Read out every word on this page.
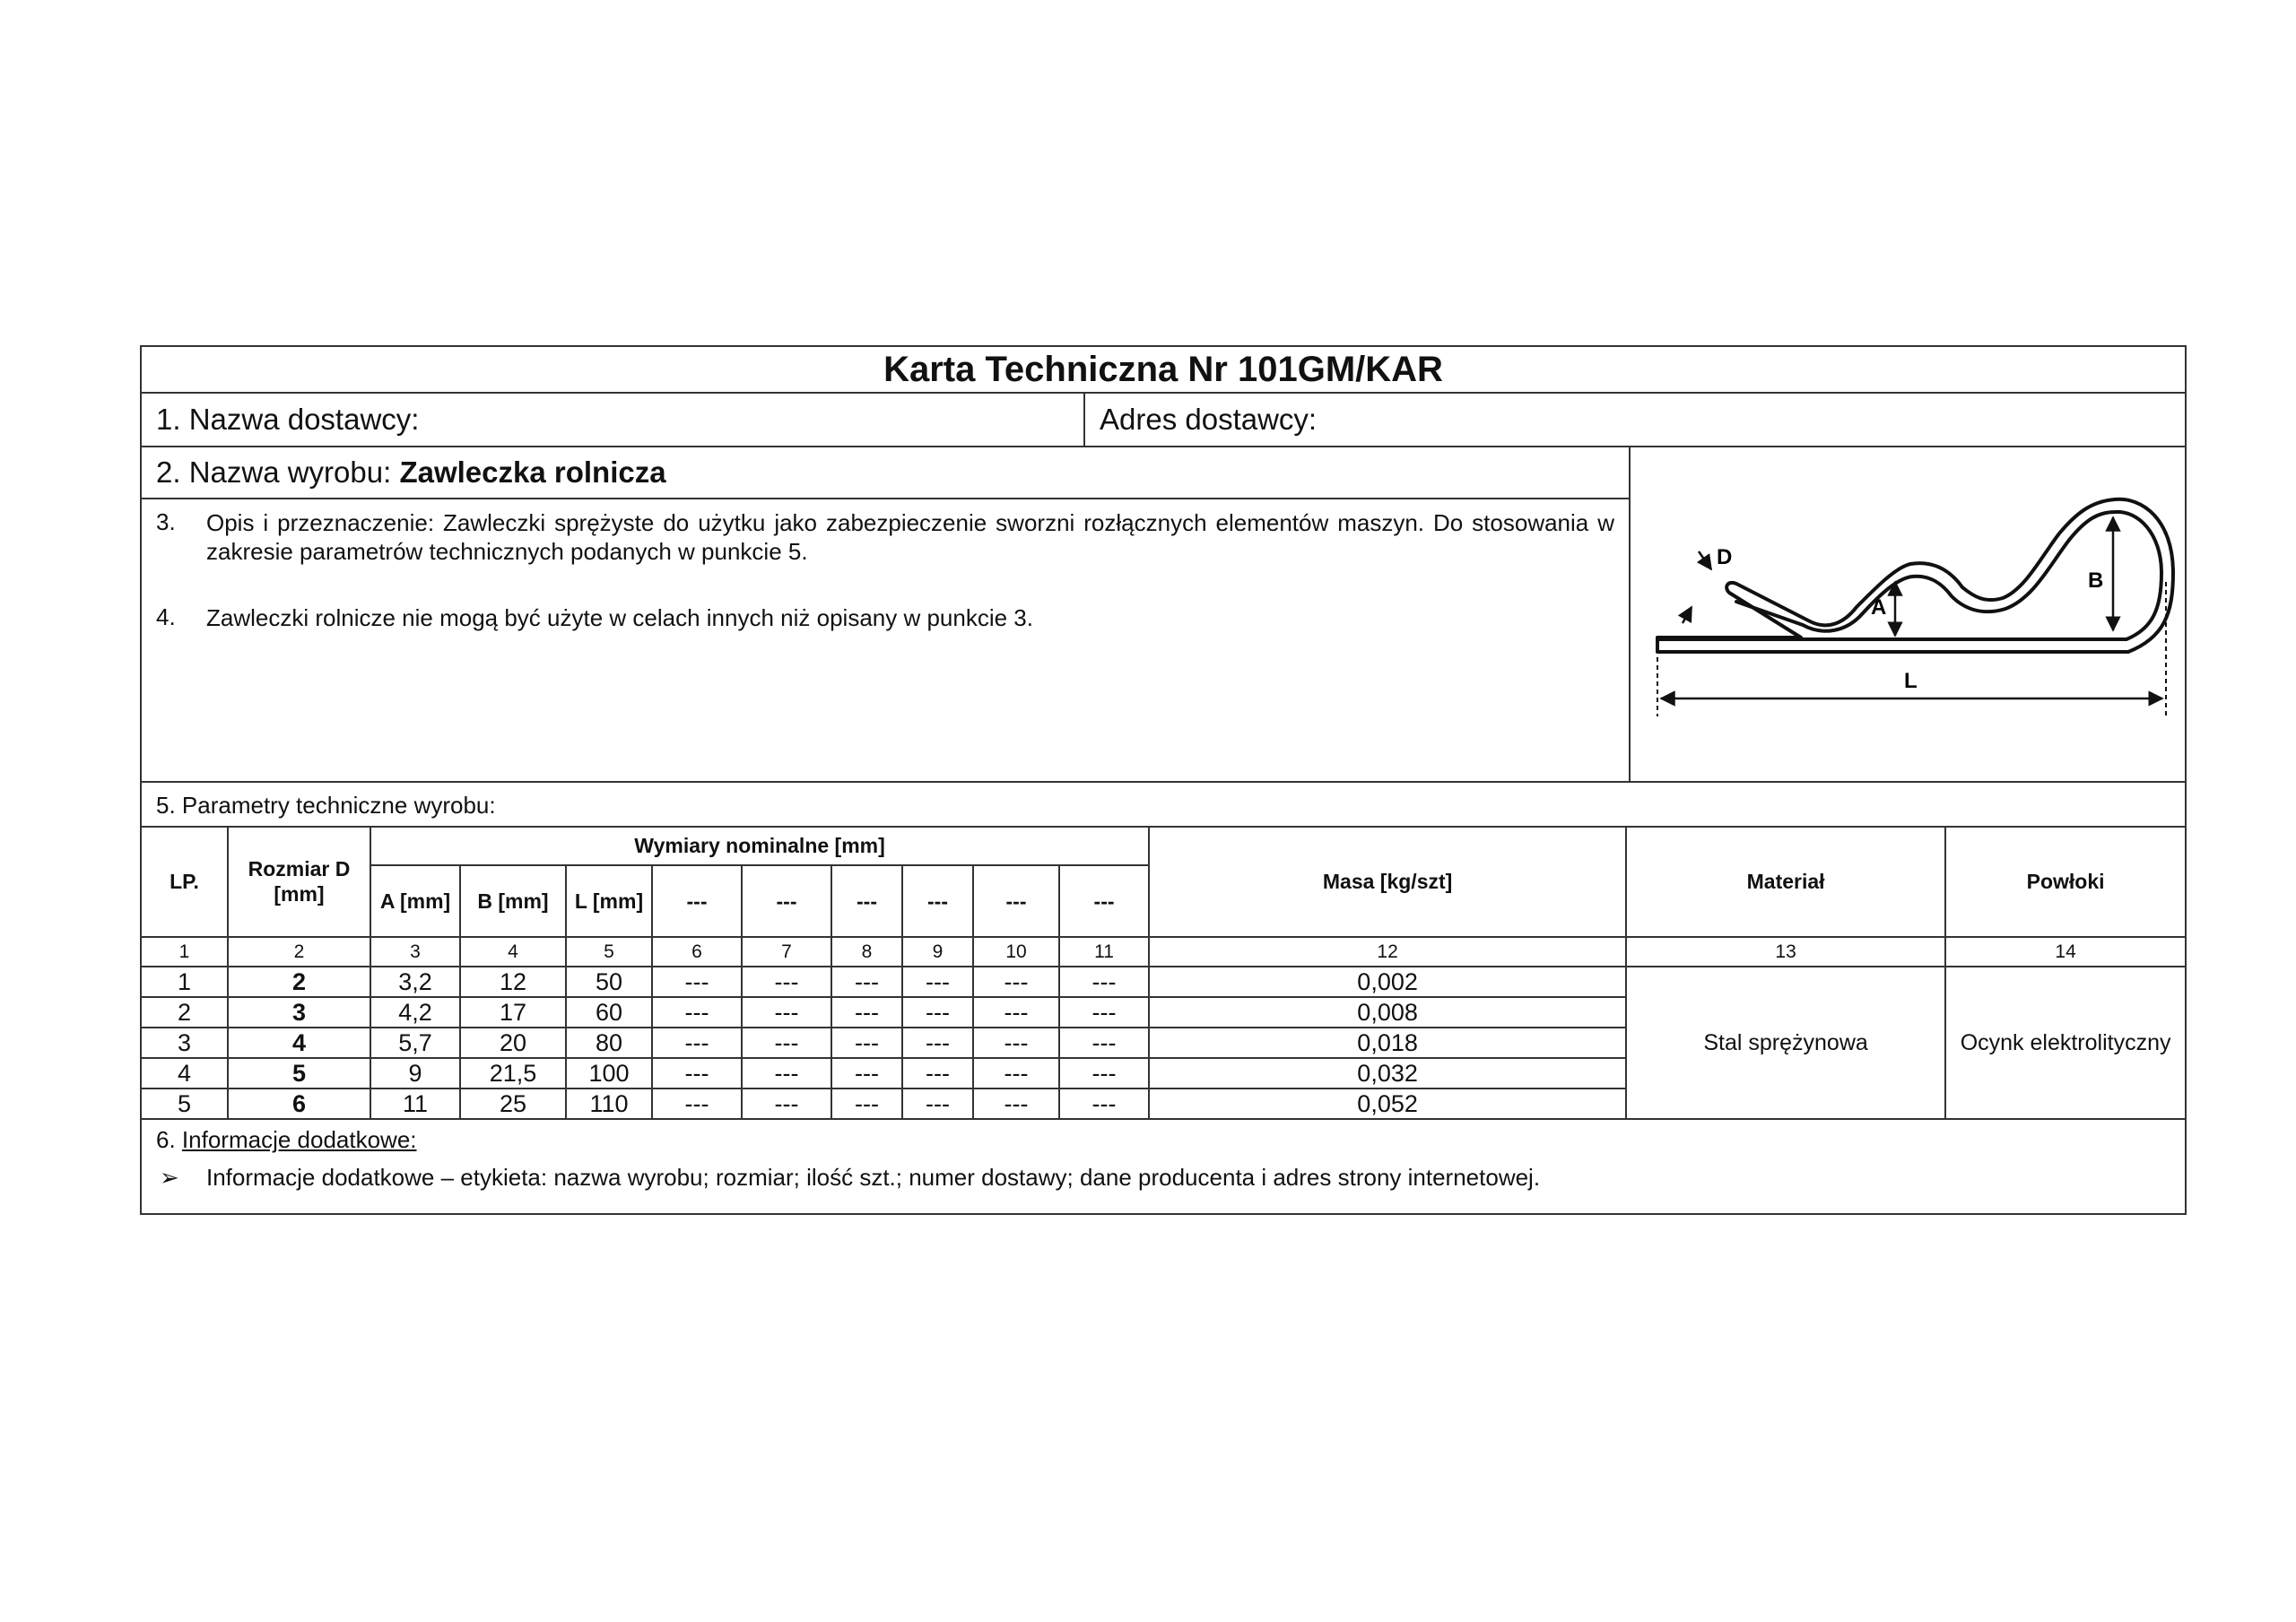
Karta Techniczna Nr 101GM/KAR
1. Nazwa dostawcy:	Adres dostawcy:
2. Nazwa wyrobu: Zawleczka rolnicza
3. Opis i przeznaczenie: Zawleczki sprężyste do użytku jako zabezpieczenie sworzni rozłącznych elementów maszyn. Do stosowania w zakresie parametrów technicznych podanych w punkcie 5.
4. Zawleczki rolnicze nie mogą być użyte w celach innych niż opisany w punkcie 3.
B
A
D
L
5. Parametry techniczne wyrobu:
LP.	Rozmiar D [mm]	Wymiary nominalne [mm]									Masa [kg/szt]	Materiał	Powłoki
		A [mm]	B [mm]	L [mm]	---	---	---	---	---	---			
1	2	3	4	5	6	7	8	9	10	11	12	13	14
1	2	3,2	12	50	---	---	---	---	---	---	0,002	Stal sprężynowa	Ocynk elektrolityczny
2	3	4,2	17	60	---	---	---	---	---	---	0,008		
3	4	5,7	20	80	---	---	---	---	---	---	0,018		
4	5	9	21,5	100	---	---	---	---	---	---	0,032		
5	6	11	25	110	---	---	---	---	---	---	0,052		
6. Informacje dodatkowe:
➢ Informacje dodatkowe – etykieta: nazwa wyrobu; rozmiar; ilość szt.; numer dostawy; dane producenta i adres strony internetowej.
